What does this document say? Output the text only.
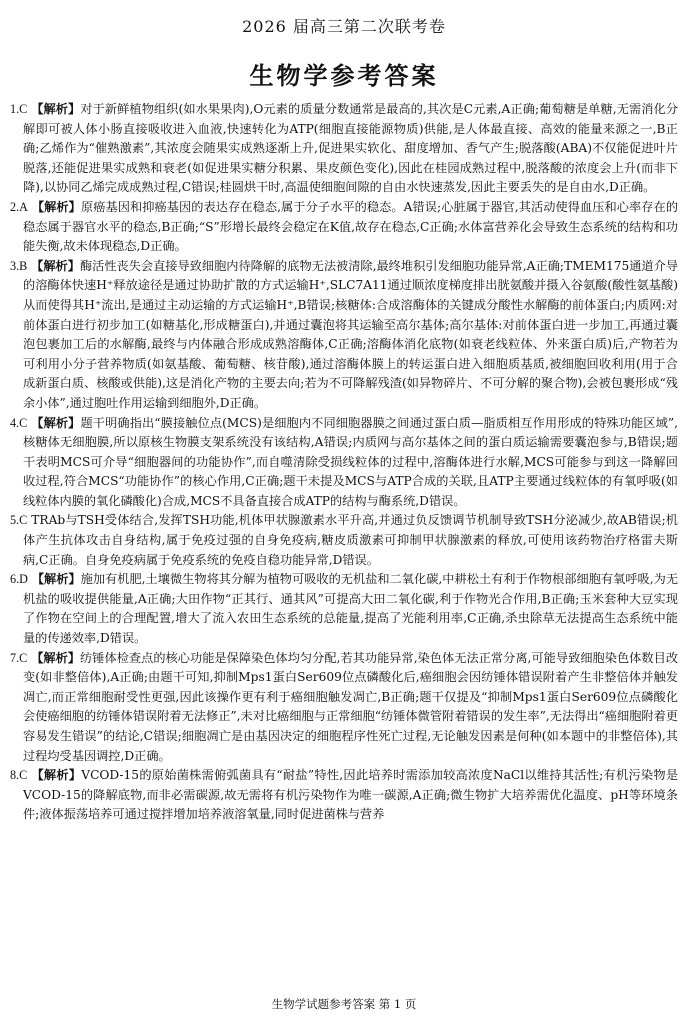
2026 届高三第二次联考卷
生物学参考答案

1.C 【解析】对于新鲜植物组织(如水果果肉),O元素的质量分数通常是最高的,其次是C元素,A正确;葡萄糖是单糖,无需消化分解即可被人体小肠直接吸收进入血液,快速转化为ATP(细胞直接能源物质)供能,是人体最直接、高效的能量来源之一,B正确;乙烯作为“催熟激素”,其浓度会随果实成熟逐渐上升,促进果实软化、甜度增加、香气产生;脱落酸(ABA)不仅能促进叶片脱落,还能促进果实成熟和衰老(如促进果实糖分积累、果皮颜色变化),因此在桂园成熟过程中,脱落酸的浓度会上升(而非下降),以协同乙烯完成成熟过程,C错误;桂圆烘干时,高温使细胞间隙的自由水快速蒸发,因此主要丢失的是自由水,D正确。

2.A 【解析】原癌基因和抑癌基因的表达存在稳态,属于分子水平的稳态。A错误;心脏属于器官,其活动使得血压和心率存在的稳态属于器官水平的稳态,B正确;“S”形增长最终会稳定在K值,故存在稳态,C正确;水体富营养化会导致生态系统的结构和功能失衡,故未体现稳态,D正确。

3.B 【解析】酶活性丧失会直接导致细胞内待降解的底物无法被清除,最终堆积引发细胞功能异常,A正确;TMEM175通道介导的溶酶体快速H⁺释放途径是通过协助扩散的方式运输H⁺,SLC7A11通过顺浓度梯度排出胱氨酸并摄入谷氨酸(酸性氨基酸)从而使得其H⁺流出,是通过主动运输的方式运输H⁺,B错误;核糖体:合成溶酶体的关键成分酸性水解酶的前体蛋白;内质网:对前体蛋白进行初步加工(如糖基化,形成糖蛋白),并通过囊泡将其运输至高尔基体;高尔基体:对前体蛋白进一步加工,再通过囊泡包裹加工后的水解酶,最终与内体融合形成成熟溶酶体,C正确;溶酶体消化底物(如衰老线粒体、外来蛋白质)后,产物若为可利用小分子营养物质(如氨基酸、葡萄糖、核苷酸),通过溶酶体膜上的转运蛋白进入细胞质基质,被细胞回收利用(用于合成新蛋白质、核酸或供能),这是消化产物的主要去向;若为不可降解残渣(如异物碎片、不可分解的聚合物),会被包裹形成“残余小体”,通过胞吐作用运输到细胞外,D正确。

4.C 【解析】题干明确指出“膜接触位点(MCS)是细胞内不同细胞器膜之间通过蛋白质—脂质相互作用形成的特殊功能区域”,核糖体无细胞膜,所以原核生物膜支架系统没有该结构,A错误;内质网与高尔基体之间的蛋白质运输需要囊泡参与,B错误;题干表明MCS可介导“细胞器间的功能协作”,而自噬清除受损线粒体的过程中,溶酶体进行水解,MCS可能参与到这一降解回收过程,符合MCS“功能协作”的核心作用,C正确;题干未提及MCS与ATP合成的关联,且ATP主要通过线粒体的有氧呼吸(如线粒体内膜的氧化磷酸化)合成,MCS不具备直接合成ATP的结构与酶系统,D错误。

5.C TRAb与TSH受体结合,发挥TSH功能,机体甲状腺激素水平升高,并通过负反馈调节机制导致TSH分泌减少,故AB错误;机体产生抗体攻击自身结构,属于免疫过强的自身免疫病,糖皮质激素可抑制甲状腺激素的释放,可使用该药物治疗格雷夫斯病,C正确。自身免疫病属于免疫系统的免疫自稳功能异常,D错误。

6.D 【解析】施加有机肥,土壤微生物将其分解为植物可吸收的无机盐和二氧化碳,中耕松土有利于作物根部细胞有氧呼吸,为无机盐的吸收提供能量,A正确;大田作物“正其行、通其风”可提高大田二氧化碳,利于作物光合作用,B正确;玉米套种大豆实现了作物在空间上的合理配置,增大了流入农田生态系统的总能量,提高了光能利用率,C正确,杀虫除草无法提高生态系统中能量的传递效率,D错误。

7.C 【解析】纺锤体检查点的核心功能是保障染色体均匀分配,若其功能异常,染色体无法正常分离,可能导致细胞染色体数目改变(如非整倍体),A正确;由题干可知,抑制Mps1蛋白Ser609位点磷酸化后,癌细胞会因纺锤体错误附着产生非整倍体并触发凋亡,而正常细胞耐受性更强,因此该操作更有利于癌细胞触发凋亡,B正确;题干仅提及“抑制Mps1蛋白Ser609位点磷酸化会使癌细胞的纺锤体错误附着无法修正”,未对比癌细胞与正常细胞“纺锤体微管附着错误的发生率”,无法得出“癌细胞附着更容易发生错误”的结论,C错误;细胞凋亡是由基因决定的细胞程序性死亡过程,无论触发因素是何种(如本题中的非整倍体),其过程均受基因调控,D正确。

8.C 【解析】VCOD-15的原始菌株需俯弧菌具有“耐盐”特性,因此培养时需添加较高浓度NaCl以维持其活性;有机污染物是VCOD-15的降解底物,而非必需碳源,故无需将有机污染物作为唯一碳源,A正确;微生物扩大培养需优化温度、pH等环境条件;液体振荡培养可通过搅拌增加培养液溶氧量,同时促进菌株与营养

生物学试题参考答案 第 1 页
